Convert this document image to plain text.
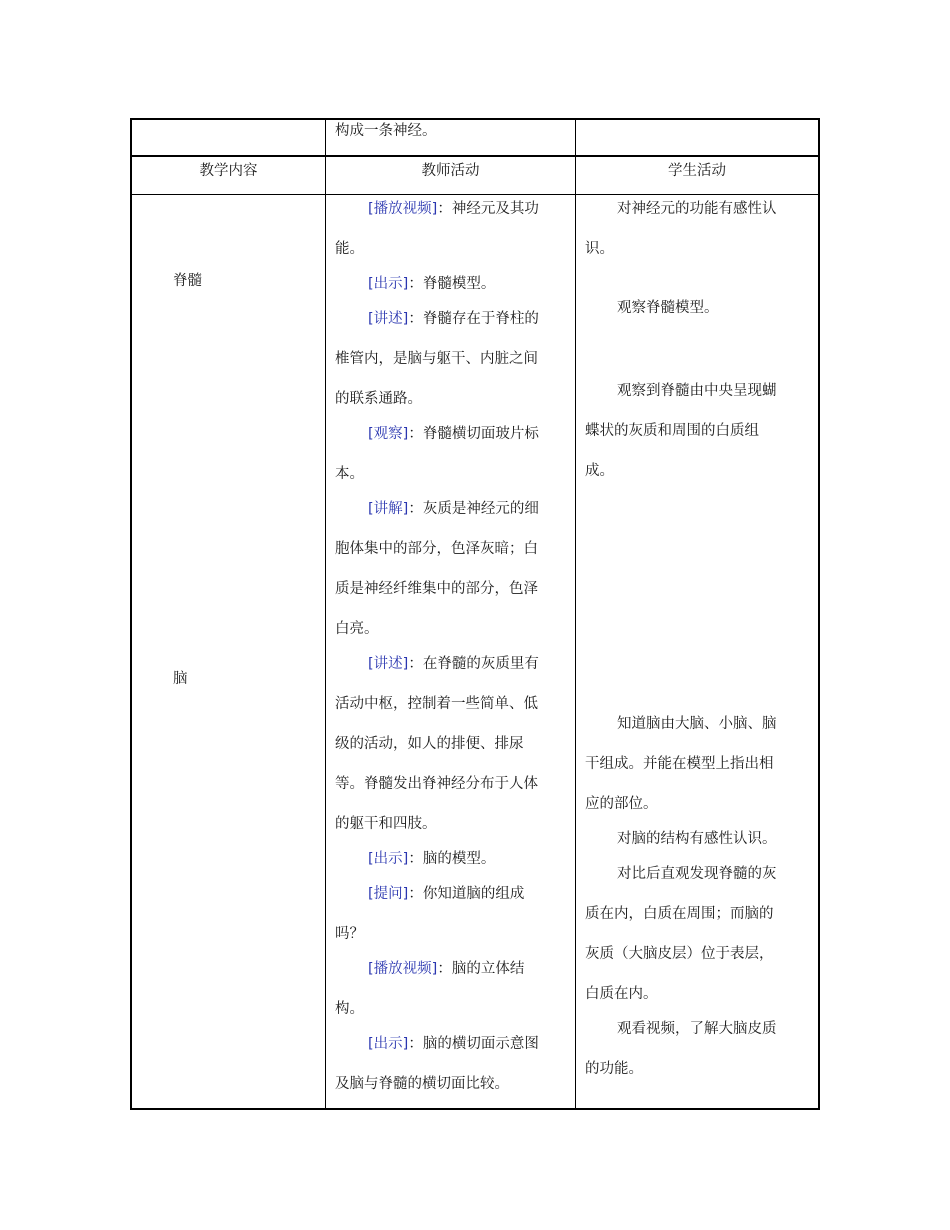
构成一条神经。
教学内容	教师活动	学生活动
脊髓
脑
[播放视频]：神经元及其功
能。
[出示]：脊髓模型。
[讲述]：脊髓存在于脊柱的
椎管内，是脑与躯干、内脏之间
的联系通路。
[观察]：脊髓横切面玻片标
本。
[讲解]：灰质是神经元的细
胞体集中的部分，色泽灰暗；白
质是神经纤维集中的部分，色泽
白亮。
[讲述]：在脊髓的灰质里有
活动中枢，控制着一些简单、低
级的活动，如人的排便、排尿
等。脊髓发出脊神经分布于人体
的躯干和四肢。
[出示]：脑的模型。
[提问]：你知道脑的组成
吗？
[播放视频]：脑的立体结
构。
[出示]：脑的横切面示意图
及脑与脊髓的横切面比较。
对神经元的功能有感性认
识。
观察脊髓模型。
观察到脊髓由中央呈现蝴
蝶状的灰质和周围的白质组
成。
知道脑由大脑、小脑、脑
干组成。并能在模型上指出相
应的部位。
对脑的结构有感性认识。
对比后直观发现脊髓的灰
质在内，白质在周围；而脑的
灰质（大脑皮层）位于表层，
白质在内。
观看视频，了解大脑皮质
的功能。
